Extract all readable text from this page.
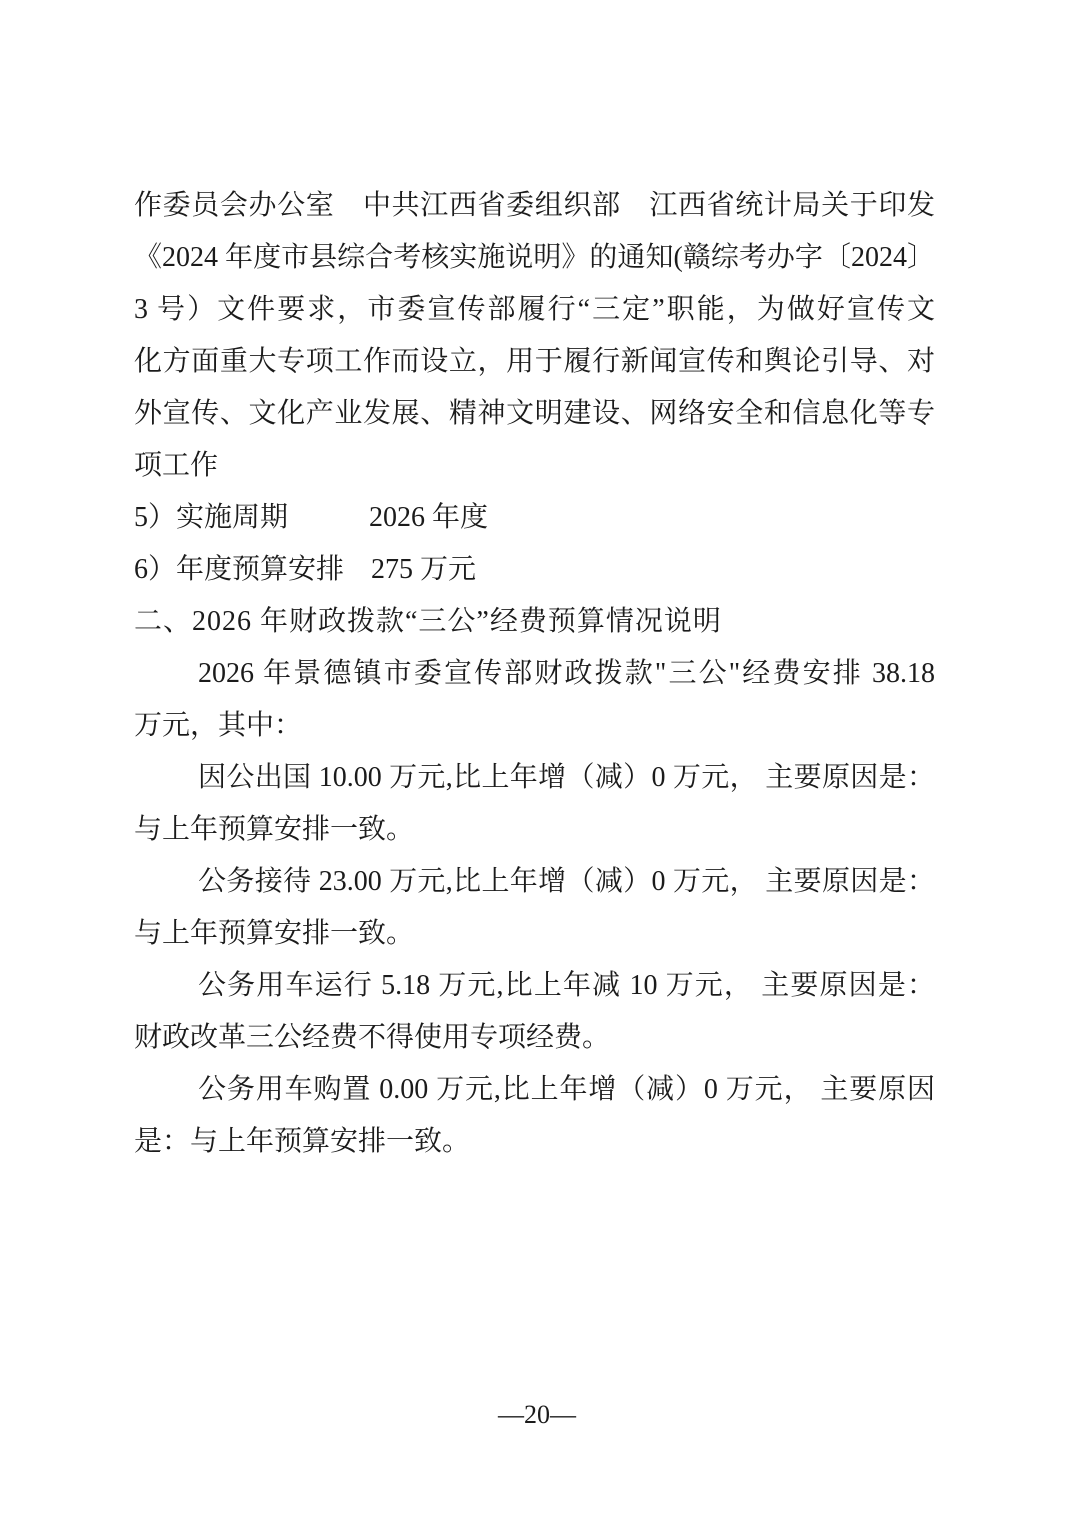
作委员会办公室　中共江西省委组织部　江西省统计局关于印发

《2024 年度市县综合考核实施说明》的通知(赣综考办字〔2024〕

3 号）文件要求，市委宣传部履行“三定”职能，为做好宣传文

化方面重大专项工作而设立，用于履行新闻宣传和舆论引导、对

外宣传、文化产业发展、精神文明建设、网络安全和信息化等专

项工作

5）实施周期	2026 年度

6）年度预算安排 275 万元

二、2026 年财政拨款“三公”经费预算情况说明

2026 年景德镇市委宣传部财政拨款"三公"经费安排 38.18

万元，其中：

因公出国 10.00 万元,比上年增（减）0 万元， 主要原因是：

与上年预算安排一致。

公务接待 23.00 万元,比上年增（减）0 万元， 主要原因是：

与上年预算安排一致。

公务用车运行 5.18 万元,比上年减 10 万元， 主要原因是：

财政改革三公经费不得使用专项经费。

公务用车购置 0.00 万元,比上年增（减）0 万元， 主要原因

是：与上年预算安排一致。

—20—
